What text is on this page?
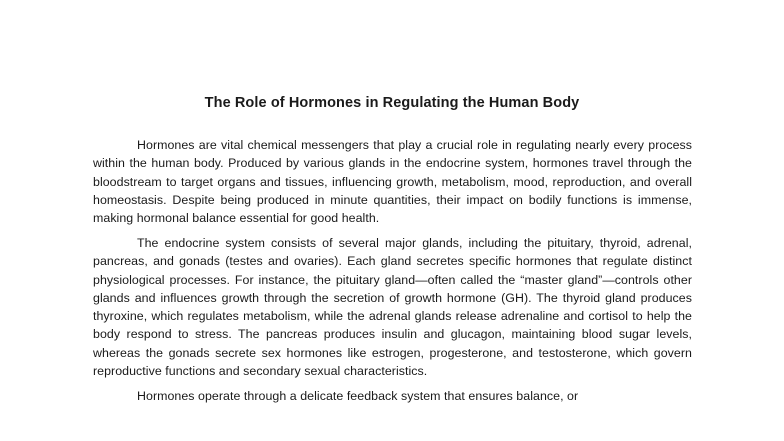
The Role of Hormones in Regulating the Human Body

Hormones are vital chemical messengers that play a crucial role in regulating nearly every process within the human body. Produced by various glands in the endocrine system, hormones travel through the bloodstream to target organs and tissues, influencing growth, metabolism, mood, reproduction, and overall homeostasis. Despite being produced in minute quantities, their impact on bodily functions is immense, making hormonal balance essential for good health.

The endocrine system consists of several major glands, including the pituitary, thyroid, adrenal, pancreas, and gonads (testes and ovaries). Each gland secretes specific hormones that regulate distinct physiological processes. For instance, the pituitary gland—often called the “master gland”—controls other glands and influences growth through the secretion of growth hormone (GH). The thyroid gland produces thyroxine, which regulates metabolism, while the adrenal glands release adrenaline and cortisol to help the body respond to stress. The pancreas produces insulin and glucagon, maintaining blood sugar levels, whereas the gonads secrete sex hormones like estrogen, progesterone, and testosterone, which govern reproductive functions and secondary sexual characteristics.

Hormones operate through a delicate feedback system that ensures balance, or
